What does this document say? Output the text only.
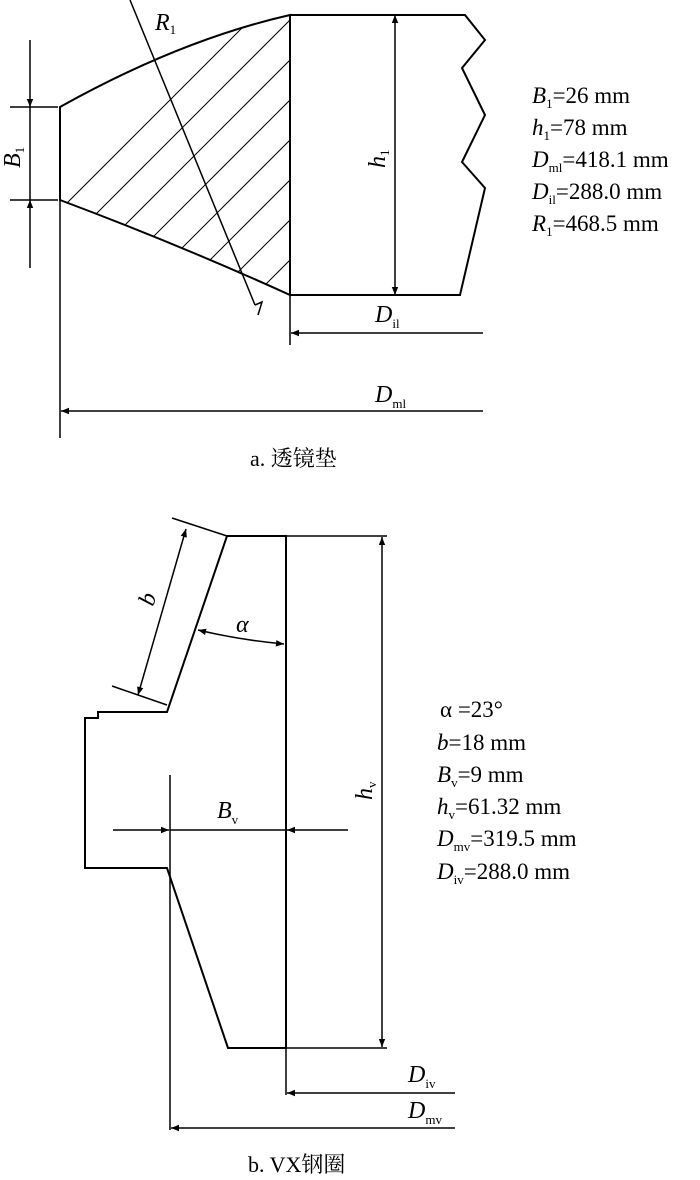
R1
B1
h1
$D_{il}$
$D_{ml}$
$B_1=26$ mm
$h_1=78$ mm
$D_{ml}=418.1$ mm
$D_{il}=288.0$ mm
$R_1=468.5$ mm
a. 透镜垫
b
α
$B_v$
hv
$D_{iv}$
$D_{mv}$
α =23°
b=18 mm
$B_v=9$ mm
$h_v=61.32$ mm
$D_{mv}=319.5$ mm
$D_{iv}=288.0$ mm
b. VX钢圈
